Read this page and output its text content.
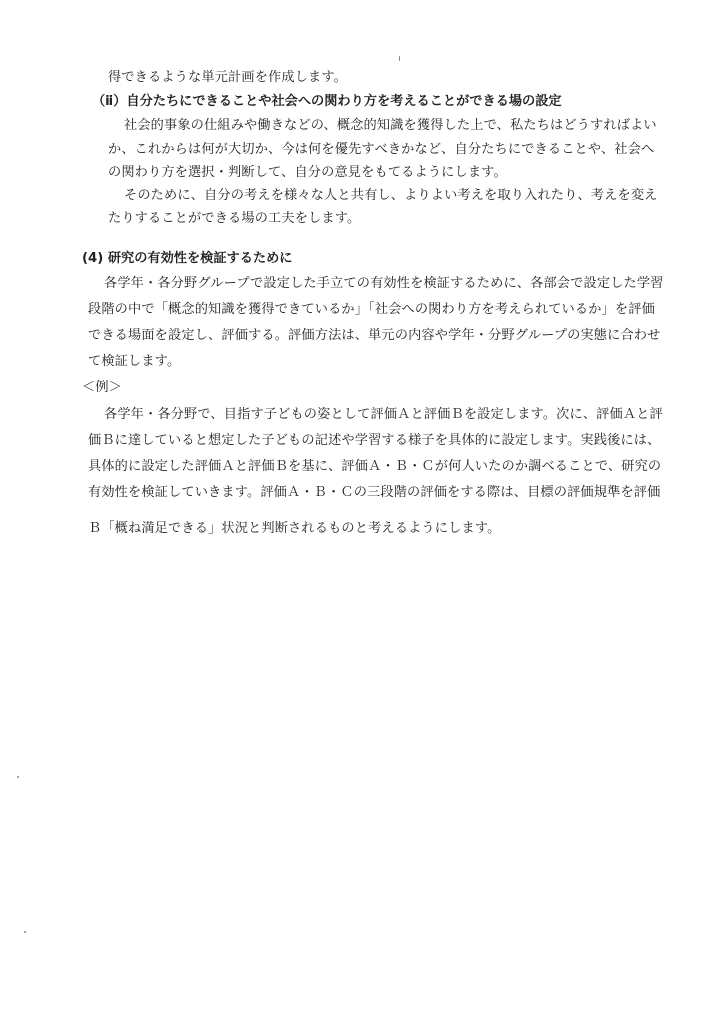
得できるような単元計画を作成します。
（ⅱ）自分たちにできることや社会への関わり方を考えることができる場の設定
社会的事象の仕組みや働きなどの、概念的知識を獲得した上で、私たちはどうすればよい
か、これからは何が大切か、今は何を優先すべきかなど、自分たちにできることや、社会へ
の関わり方を選択・判断して、自分の意見をもてるようにします。
そのために、自分の考えを様々な人と共有し、よりよい考えを取り入れたり、考えを変え
たりすることができる場の工夫をします。
(4) 研究の有効性を検証するために
各学年・各分野グループで設定した手立ての有効性を検証するために、各部会で設定した学習
段階の中で「概念的知識を獲得できているか」「社会への関わり方を考えられているか」を評価
できる場面を設定し、評価する。評価方法は、単元の内容や学年・分野グループの実態に合わせ
て検証します。
＜例＞
各学年・各分野で、目指す子どもの姿として評価Ａと評価Ｂを設定します。次に、評価Ａと評
価Ｂに達していると想定した子どもの記述や学習する様子を具体的に設定します。実践後には、
具体的に設定した評価Ａと評価Ｂを基に、評価Ａ・Ｂ・Ｃが何人いたのか調べることで、研究の
有効性を検証していきます。評価Ａ・Ｂ・Ｃの三段階の評価をする際は、目標の評価規準を評価
Ｂ「概ね満足できる」状況と判断されるものと考えるようにします。
